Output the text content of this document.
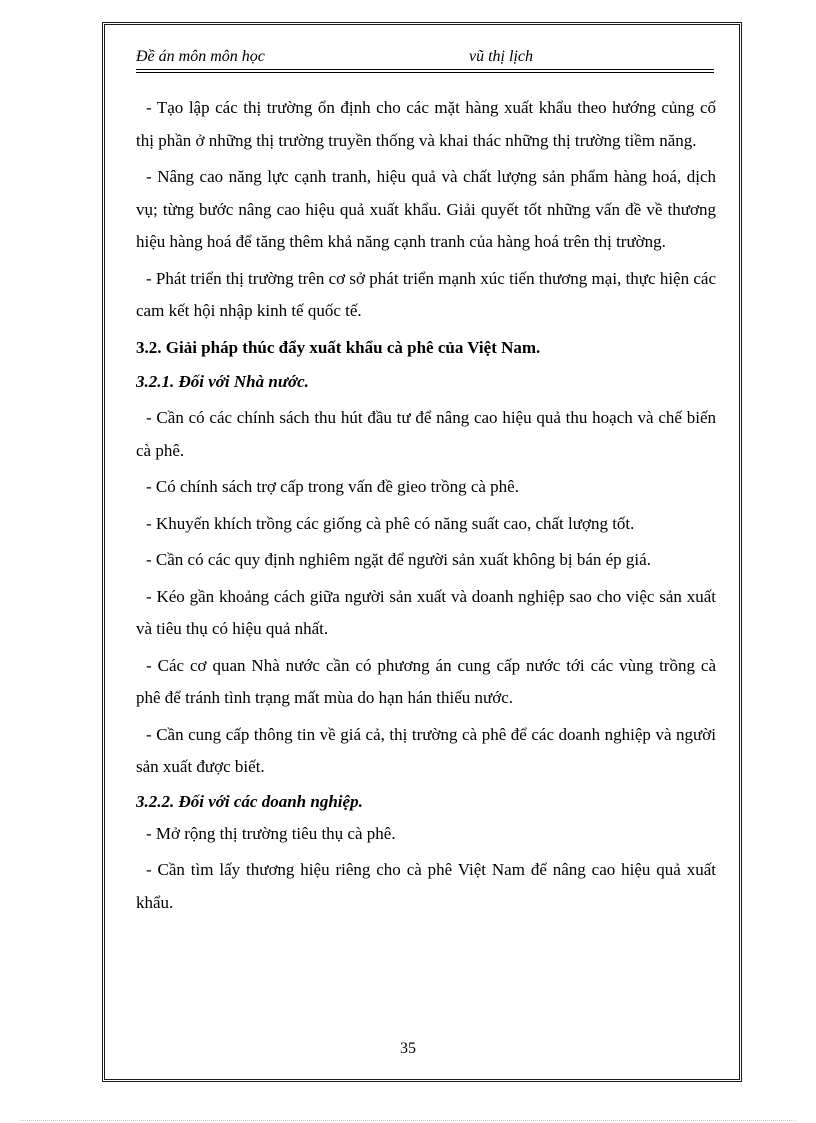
Đề án môn môn học	vũ thị lịch

- Tạo lập các thị trường ổn định cho các mặt hàng xuất khẩu theo hướng củng cố thị phần ở những thị trường truyền thống và khai thác những thị trường tiềm năng.

- Nâng cao năng lực cạnh tranh, hiệu quả và chất lượng sản phẩm hàng hoá, dịch vụ; từng bước nâng cao hiệu quả xuất khẩu. Giải quyết tốt những vấn đề về thương hiệu hàng hoá để tăng thêm khả năng cạnh tranh của hàng hoá trên thị trường.

- Phát triển thị trường trên cơ sở phát triển mạnh xúc tiến thương mại, thực hiện các cam kết hội nhập kinh tế quốc tế.

3.2. Giải pháp thúc đẩy xuất khẩu cà phê của Việt Nam.
3.2.1. Đối với Nhà nước.

- Cần có các chính sách thu hút đầu tư để nâng cao hiệu quả thu hoạch và chế biến cà phê.

- Có chính sách trợ cấp trong vấn đề gieo trồng cà phê.

- Khuyến khích trồng các giống cà phê có năng suất cao, chất lượng tốt.

- Cần có các quy định nghiêm ngặt để người sản xuất không bị bán ép giá.

- Kéo gần khoảng cách giữa người sản xuất và doanh nghiệp sao cho việc sản xuất và tiêu thụ có hiệu quả nhất.

- Các cơ quan Nhà nước cần có phương án cung cấp nước tới các vùng trồng cà phê để tránh tình trạng mất mùa do hạn hán thiếu nước.

- Cần cung cấp thông tin về giá cả, thị trường cà phê để các doanh nghiệp và người sản xuất được biết.

3.2.2. Đối với các doanh nghiệp.

- Mở rộng thị trường tiêu thụ cà phê.

- Cần tìm lấy thương hiệu riêng cho cà phê Việt Nam để nâng cao hiệu quả xuất khẩu.

35
